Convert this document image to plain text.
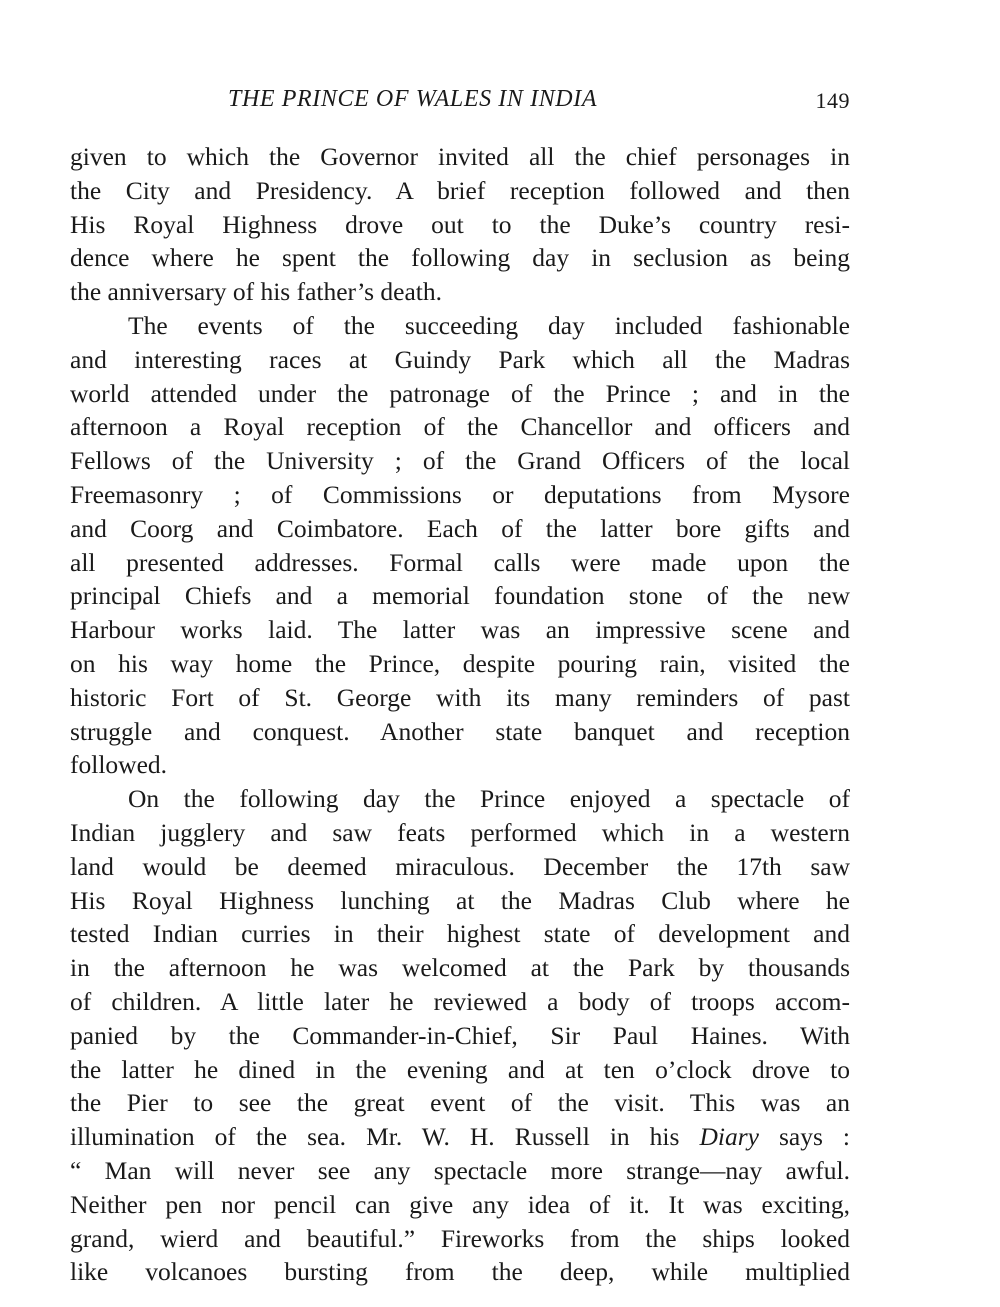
THE PRINCE OF WALES IN INDIA	149
given to which the Governor invited all the chief personages in
the City and Presidency. A brief reception followed and then
His Royal Highness drove out to the Duke’s country resi-
dence where he spent the following day in seclusion as being
the anniversary of his father’s death.
The events of the succeeding day included fashionable
and interesting races at Guindy Park which all the Madras
world attended under the patronage of the Prince ; and in the
afternoon a Royal reception of the Chancellor and officers and
Fellows of the University ; of the Grand Officers of the local
Freemasonry ; of Commissions or deputations from Mysore
and Coorg and Coimbatore. Each of the latter bore gifts and
all presented addresses. Formal calls were made upon the
principal Chiefs and a memorial foundation stone of the new
Harbour works laid. The latter was an impressive scene and
on his way home the Prince, despite pouring rain, visited the
historic Fort of St. George with its many reminders of past
struggle and conquest. Another state banquet and reception
followed.
On the following day the Prince enjoyed a spectacle of
Indian jugglery and saw feats performed which in a western
land would be deemed miraculous. December the 17th saw
His Royal Highness lunching at the Madras Club where he
tested Indian curries in their highest state of development and
in the afternoon he was welcomed at the Park by thousands
of children. A little later he reviewed a body of troops accom-
panied by the Commander-in-Chief, Sir Paul Haines. With
the latter he dined in the evening and at ten o’clock drove to
the Pier to see the great event of the visit. This was an
illumination of the sea. Mr. W. H. Russell in his Diary says :
“ Man will never see any spectacle more strange—nay awful.
Neither pen nor pencil can give any idea of it. It was exciting,
grand, wierd and beautiful.” Fireworks from the ships looked
like volcanoes bursting from the deep, while multiplied
